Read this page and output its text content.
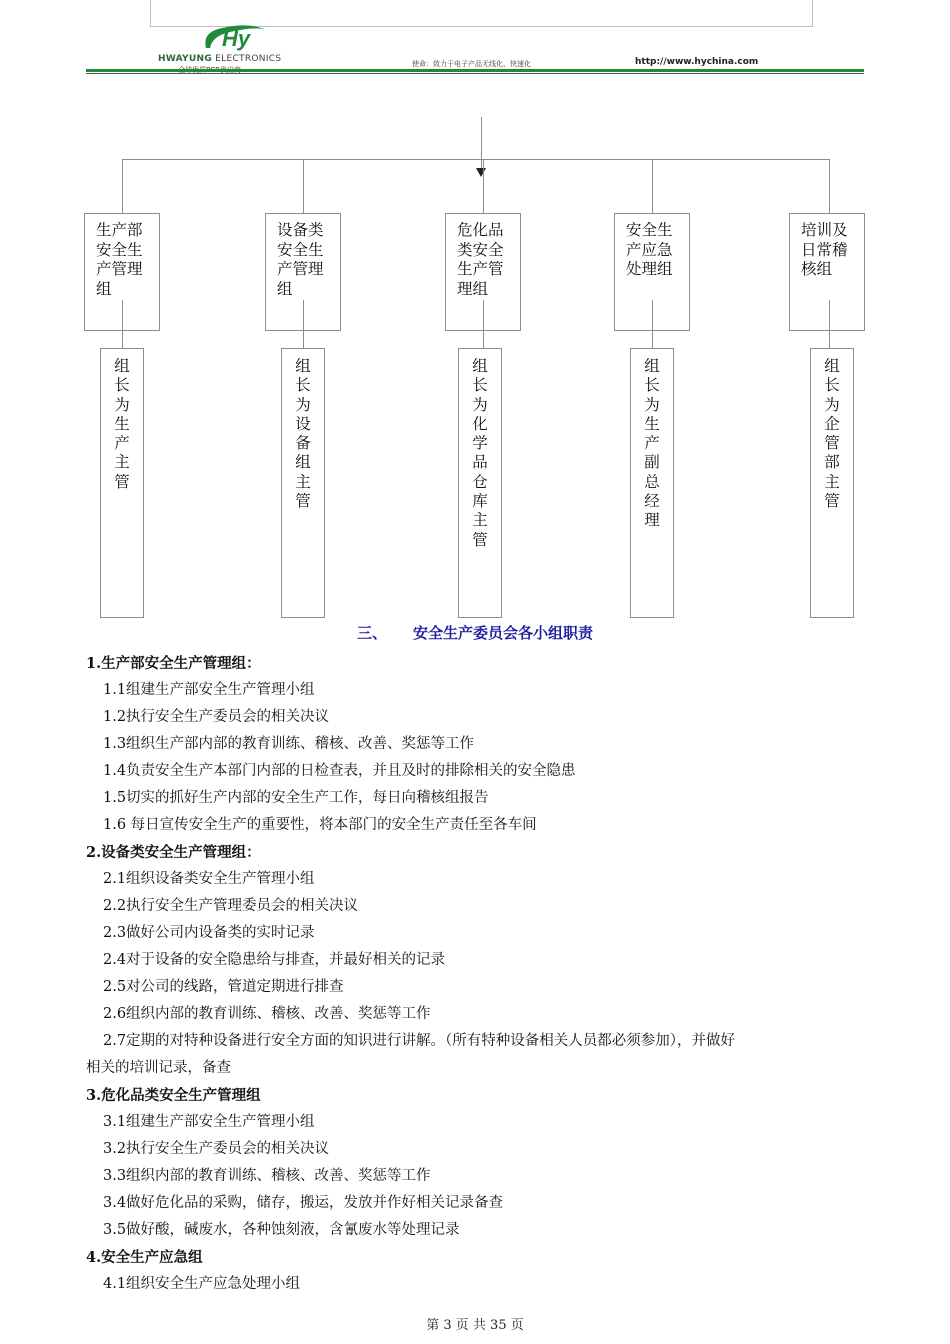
Hy
HWAYUNG ELECTRONICS	使命：致力于电子产品无线化、快速化	http://www.hychina.com
生产部
安全生
产管理
组
组长为生产主管
设备类
安全生
产管理
组
组长为设备组主管
危化品
类安全
生产管
理组
组长为化学品仓库主管
安全生
产应急
处理组
组长为生产副总经理
培训及
日常稽
核组
组长为企管部主管
三、 安全生产委员会各小组职责
1.生产部安全生产管理组：
1.1组建生产部安全生产管理小组
1.2执行安全生产委员会的相关决议
1.3组织生产部内部的教育训练、稽核、改善、奖惩等工作
1.4负责安全生产本部门内部的日检查表，并且及时的排除相关的安全隐患
1.5切实的抓好生产内部的安全生产工作，每日向稽核组报告
1.6 每日宣传安全生产的重要性，将本部门的安全生产责任至各车间
2.设备类安全生产管理组：
2.1组织设备类安全生产管理小组
2.2执行安全生产管理委员会的相关决议
2.3做好公司内设备类的实时记录
2.4对于设备的安全隐患给与排查，并最好相关的记录
2.5对公司的线路，管道定期进行排查
2.6组织内部的教育训练、稽核、改善、奖惩等工作
2.7定期的对特种设备进行安全方面的知识进行讲解。（所有特种设备相关人员都必须参加），并做好
相关的培训记录，备查
3.危化品类安全生产管理组
3.1组建生产部安全生产管理小组
3.2执行安全生产委员会的相关决议
3.3组织内部的教育训练、稽核、改善、奖惩等工作
3.4做好危化品的采购，储存，搬运，发放并作好相关记录备查
3.5做好酸，碱废水，各种蚀刻液，含氰废水等处理记录
4.安全生产应急组
4.1组织安全生产应急处理小组
第 3 页 共 35 页
